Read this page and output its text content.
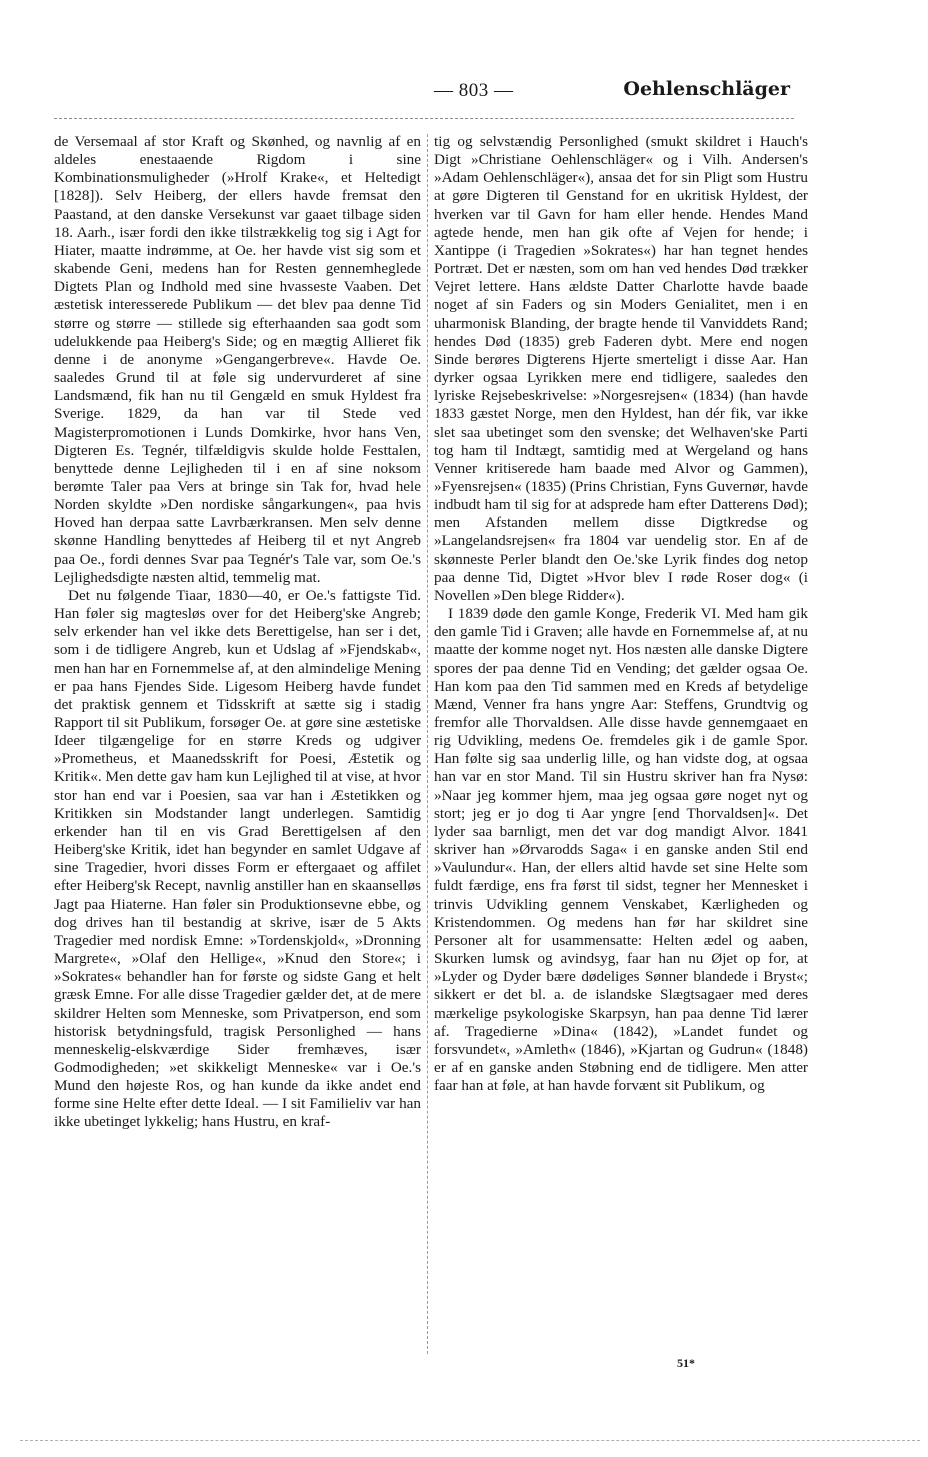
— 803 —	Oehlenschläger

de Versemaal af stor Kraft og Skønhed, og navnlig af en aldeles enestaaende Rigdom i sine Kombinationsmuligheder (»Hrolf Krake«, et Heltedigt [1828]). Selv Heiberg, der ellers havde fremsat den Paastand, at den danske Versekunst var gaaet tilbage siden 18. Aarh., især fordi den ikke tilstrækkelig tog sig i Agt for Hiater, maatte indrømme, at Oe. her havde vist sig som et skabende Geni, medens han for Resten gennemheglede Digtets Plan og Indhold med sine hvasseste Vaaben. Det æstetisk interesserede Publikum — det blev paa denne Tid større og større — stillede sig efterhaanden saa godt som udelukkende paa Heiberg's Side; og en mægtig Allieret fik denne i de anonyme »Gengangerbreve«. Havde Oe. saaledes Grund til at føle sig undervurderet af sine Landsmænd, fik han nu til Gengæld en smuk Hyldest fra Sverige. 1829, da han var til Stede ved Magisterpromotionen i Lunds Domkirke, hvor hans Ven, Digteren Es. Tegnér, tilfældigvis skulde holde Festtalen, benyttede denne Lejligheden til i en af sine noksom berømte Taler paa Vers at bringe sin Tak for, hvad hele Norden skyldte »Den nordiske sångarkungen«, paa hvis Hoved han derpaa satte Lavrbærkransen. Men selv denne skønne Handling benyttedes af Heiberg til et nyt Angreb paa Oe., fordi dennes Svar paa Tegnér's Tale var, som Oe.'s Lejlighedsdigte næsten altid, temmelig mat.

Det nu følgende Tiaar, 1830—40, er Oe.'s fattigste Tid. Han føler sig magtesløs over for det Heiberg'ske Angreb; selv erkender han vel ikke dets Berettigelse, han ser i det, som i de tidligere Angreb, kun et Udslag af »Fjendskab«, men han har en Fornemmelse af, at den almindelige Mening er paa hans Fjendes Side. Ligesom Heiberg havde fundet det praktisk gennem et Tidsskrift at sætte sig i stadig Rapport til sit Publikum, forsøger Oe. at gøre sine æstetiske Ideer tilgængelige for en større Kreds og udgiver »Prometheus, et Maanedsskrift for Poesi, Æstetik og Kritik«. Men dette gav ham kun Lejlighed til at vise, at hvor stor han end var i Poesien, saa var han i Æstetikken og Kritikken sin Modstander langt underlegen. Samtidig erkender han til en vis Grad Berettigelsen af den Heiberg'ske Kritik, idet han begynder en samlet Udgave af sine Tragedier, hvori disses Form er eftergaaet og affilet efter Heiberg'sk Recept, navnlig anstiller han en skaanselløs Jagt paa Hiaterne. Han føler sin Produktionsevne ebbe, og dog drives han til bestandig at skrive, især de 5 Akts Tragedier med nordisk Emne: »Tordenskjold«, »Dronning Margrete«, »Olaf den Hellige«, »Knud den Store«; i »Sokrates« behandler han for første og sidste Gang et helt græsk Emne. For alle disse Tragedier gælder det, at de mere skildrer Helten som Menneske, som Privatperson, end som historisk betydningsfuld, tragisk Personlighed — hans menneskelig-elskværdige Sider fremhæves, især Godmodigheden; »et skikkeligt Menneske« var i Oe.'s Mund den højeste Ros, og han kunde da ikke andet end forme sine Helte efter dette Ideal. — I sit Familieliv var han ikke ubetinget lykkelig; hans Hustru, en kraf-

tig og selvstændig Personlighed (smukt skildret i Hauch's Digt »Christiane Oehlenschläger« og i Vilh. Andersen's »Adam Oehlenschläger«), ansaa det for sin Pligt som Hustru at gøre Digteren til Genstand for en ukritisk Hyldest, der hverken var til Gavn for ham eller hende. Hendes Mand agtede hende, men han gik ofte af Vejen for hende; i Xantippe (i Tragedien »Sokrates«) har han tegnet hendes Portræt. Det er næsten, som om han ved hendes Død trækker Vejret lettere. Hans ældste Datter Charlotte havde baade noget af sin Faders og sin Moders Genialitet, men i en uharmonisk Blanding, der bragte hende til Vanviddets Rand; hendes Død (1835) greb Faderen dybt. Mere end nogen Sinde berøres Digterens Hjerte smerteligt i disse Aar. Han dyrker ogsaa Lyrikken mere end tidligere, saaledes den lyriske Rejsebeskrivelse: »Norgesrejsen« (1834) (han havde 1833 gæstet Norge, men den Hyldest, han dér fik, var ikke slet saa ubetinget som den svenske; det Welhaven'ske Parti tog ham til Indtægt, samtidig med at Wergeland og hans Venner kritiserede ham baade med Alvor og Gammen), »Fyensrejsen« (1835) (Prins Christian, Fyns Guvernør, havde indbudt ham til sig for at adsprede ham efter Datterens Død); men Afstanden mellem disse Digtkredse og »Langelandsrejsen« fra 1804 var uendelig stor. En af de skønneste Perler blandt den Oe.'ske Lyrik findes dog netop paa denne Tid, Digtet »Hvor blev I røde Roser dog« (i Novellen »Den blege Ridder«).

I 1839 døde den gamle Konge, Frederik VI. Med ham gik den gamle Tid i Graven; alle havde en Fornemmelse af, at nu maatte der komme noget nyt. Hos næsten alle danske Digtere spores der paa denne Tid en Vending; det gælder ogsaa Oe. Han kom paa den Tid sammen med en Kreds af betydelige Mænd, Venner fra hans yngre Aar: Steffens, Grundtvig og fremfor alle Thorvaldsen. Alle disse havde gennemgaaet en rig Udvikling, medens Oe. fremdeles gik i de gamle Spor. Han følte sig saa underlig lille, og han vidste dog, at ogsaa han var en stor Mand. Til sin Hustru skriver han fra Nysø: »Naar jeg kommer hjem, maa jeg ogsaa gøre noget nyt og stort; jeg er jo dog ti Aar yngre [end Thorvaldsen]«. Det lyder saa barnligt, men det var dog mandigt Alvor. 1841 skriver han »Ørvarodds Saga« i en ganske anden Stil end »Vaulundur«. Han, der ellers altid havde set sine Helte som fuldt færdige, ens fra først til sidst, tegner her Mennesket i trinvis Udvikling gennem Venskabet, Kærligheden og Kristendommen. Og medens han før har skildret sine Personer alt for usammensatte: Helten ædel og aaben, Skurken lumsk og avindsyg, faar han nu Øjet op for, at »Lyder og Dyder bære dødeliges Sønner blandede i Bryst«; sikkert er det bl. a. de islandske Slægtsagaer med deres mærkelige psykologiske Skarpsyn, han paa denne Tid lærer af. Tragedierne »Dina« (1842), »Landet fundet og forsvundet«, »Amleth« (1846), »Kjartan og Gudrun« (1848) er af en ganske anden Støbning end de tidligere. Men atter faar han at føle, at han havde forvænt sit Publikum, og

51*
